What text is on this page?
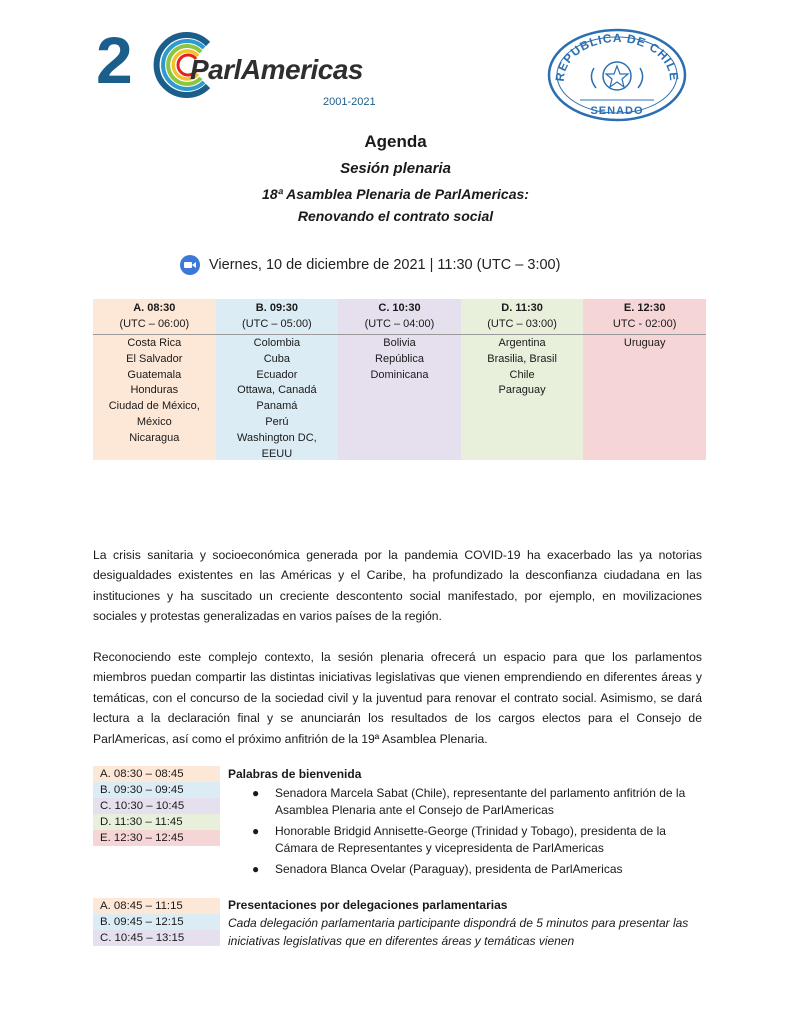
2 ParlAmericas
2001-2021
REPUBLICA DE CHILE
SENADO
Agenda
Sesión plenaria
18ª Asamblea Plenaria de ParlAmericas:
Renovando el contrato social
Viernes, 10 de diciembre de 2021 | 11:30 (UTC – 3:00)
A. 08:30
(UTC – 06:00)
Costa Rica
El Salvador
Guatemala
Honduras
Ciudad de México,
México
Nicaragua
B. 09:30
(UTC – 05:00)
Colombia
Cuba
Ecuador
Ottawa, Canadá
Panamá
Perú
Washington DC,
EEUU
C. 10:30
(UTC – 04:00)
Bolivia
República
Dominicana
D. 11:30
(UTC – 03:00)
Argentina
Brasilia, Brasil
Chile
Paraguay
E. 12:30
UTC - 02:00)
Uruguay
La crisis sanitaria y socioeconómica generada por la pandemia COVID-19 ha exacerbado las ya notorias desigualdades existentes en las Américas y el Caribe, ha profundizado la desconfianza ciudadana en las instituciones y ha suscitado un creciente descontento social manifestado, por ejemplo, en movilizaciones sociales y protestas generalizadas en varios países de la región.
Reconociendo este complejo contexto, la sesión plenaria ofrecerá un espacio para que los parlamentos miembros puedan compartir las distintas iniciativas legislativas que vienen emprendiendo en diferentes áreas y temáticas, con el concurso de la sociedad civil y la juventud para renovar el contrato social. Asimismo, se dará lectura a la declaración final y se anunciarán los resultados de los cargos electos para el Consejo de ParlAmericas, así como el próximo anfitrión de la 19ª Asamblea Plenaria.
A. 08:30 – 08:45
B. 09:30 – 09:45
C. 10:30 – 10:45
D. 11:30 – 11:45
E. 12:30 – 12:45
Palabras de bienvenida
● Senadora Marcela Sabat (Chile), representante del parlamento anfitrión de la Asamblea Plenaria ante el Consejo de ParlAmericas
● Honorable Bridgid Annisette-George (Trinidad y Tobago), presidenta de la Cámara de Representantes y vicepresidenta de ParlAmericas
● Senadora Blanca Ovelar (Paraguay), presidenta de ParlAmericas
A. 08:45 – 11:15
B. 09:45 – 12:15
C. 10:45 – 13:15
Presentaciones por delegaciones parlamentarias
Cada delegación parlamentaria participante dispondrá de 5 minutos para presentar las iniciativas legislativas que en diferentes áreas y temáticas vienen
